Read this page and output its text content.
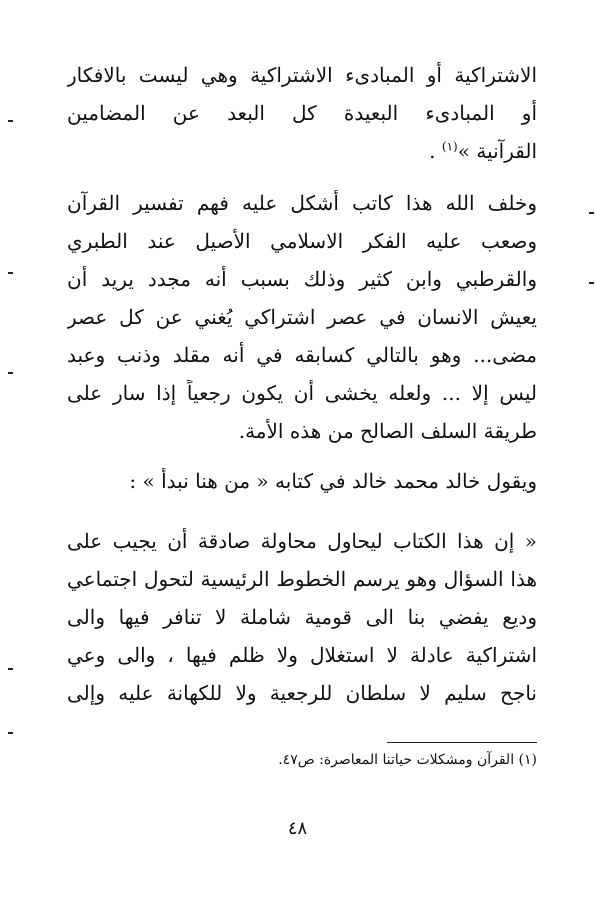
الاشتراكية أو المبادىء الاشتراكية وهي ليست بالافكار
أو المبادىء البعيدة كل البعد عن المضامين
القرآنية »$^{(١)}$ .
وخلف الله هذا كاتب أشكل عليه فهم تفسير القرآن
وصعب عليه الفكر الاسلامي الأصيل عند الطبري
والقرطبي وابن كثير وذلك بسبب أنه مجدد يريد أن
يعيش الانسان في عصر اشتراكي يُغني عن كل عصر
مضى... وهو بالتالي كسابقه في أنه مقلد وذنب وعبد
ليس إلا ... ولعله يخشى أن يكون رجعياً إذا سار على
طريقة السلف الصالح من هذه الأمة.
ويقول خالد محمد خالد في كتابه « من هنا نبدأ » :
« إن هذا الكتاب ليحاول محاولة صادقة أن يجيب على
هذا السؤال وهو يرسم الخطوط الرئيسية لتحول اجتماعي
وديع يفضي بنا الى قومية شاملة لا تنافر فيها والى
اشتراكية عادلة لا استغلال ولا ظلم فيها ، والى وعي
ناجح سليم لا سلطان للرجعية ولا للكهانة عليه وإلى
(١) القرآن ومشكلات حياتنا المعاصرة: ص٤٧.
٤٨
